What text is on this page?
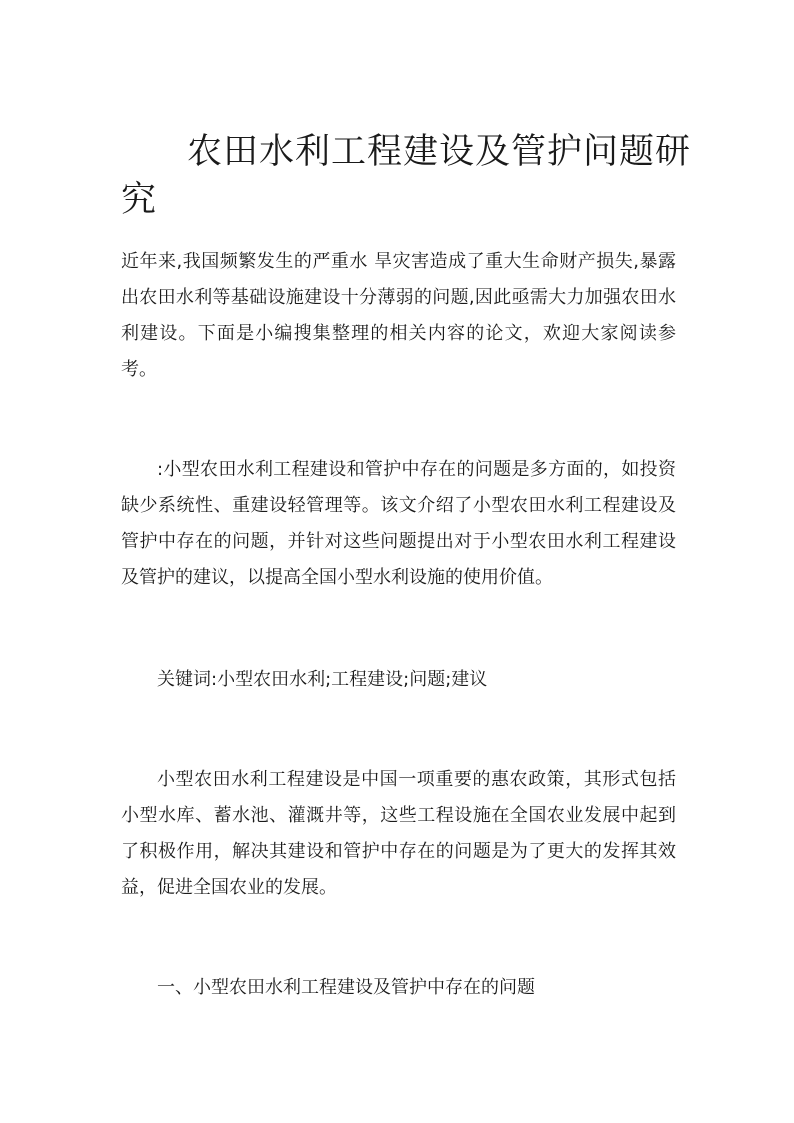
农田水利工程建设及管护问题研究

近年来,我国频繁发生的严重水 旱灾害造成了重大生命财产损失,暴露出农田水利等基础设施建设十分薄弱的问题,因此亟需大力加强农田水利建设。下面是小编搜集整理的相关内容的论文，欢迎大家阅读参考。

:小型农田水利工程建设和管护中存在的问题是多方面的，如投资缺少系统性、重建设轻管理等。该文介绍了小型农田水利工程建设及管护中存在的问题，并针对这些问题提出对于小型农田水利工程建设及管护的建议，以提高全国小型水利设施的使用价值。

关键词:小型农田水利;工程建设;问题;建议

小型农田水利工程建设是中国一项重要的惠农政策，其形式包括小型水库、蓄水池、灌溉井等，这些工程设施在全国农业发展中起到了积极作用，解决其建设和管护中存在的问题是为了更大的发挥其效益，促进全国农业的发展。

一、小型农田水利工程建设及管护中存在的问题
